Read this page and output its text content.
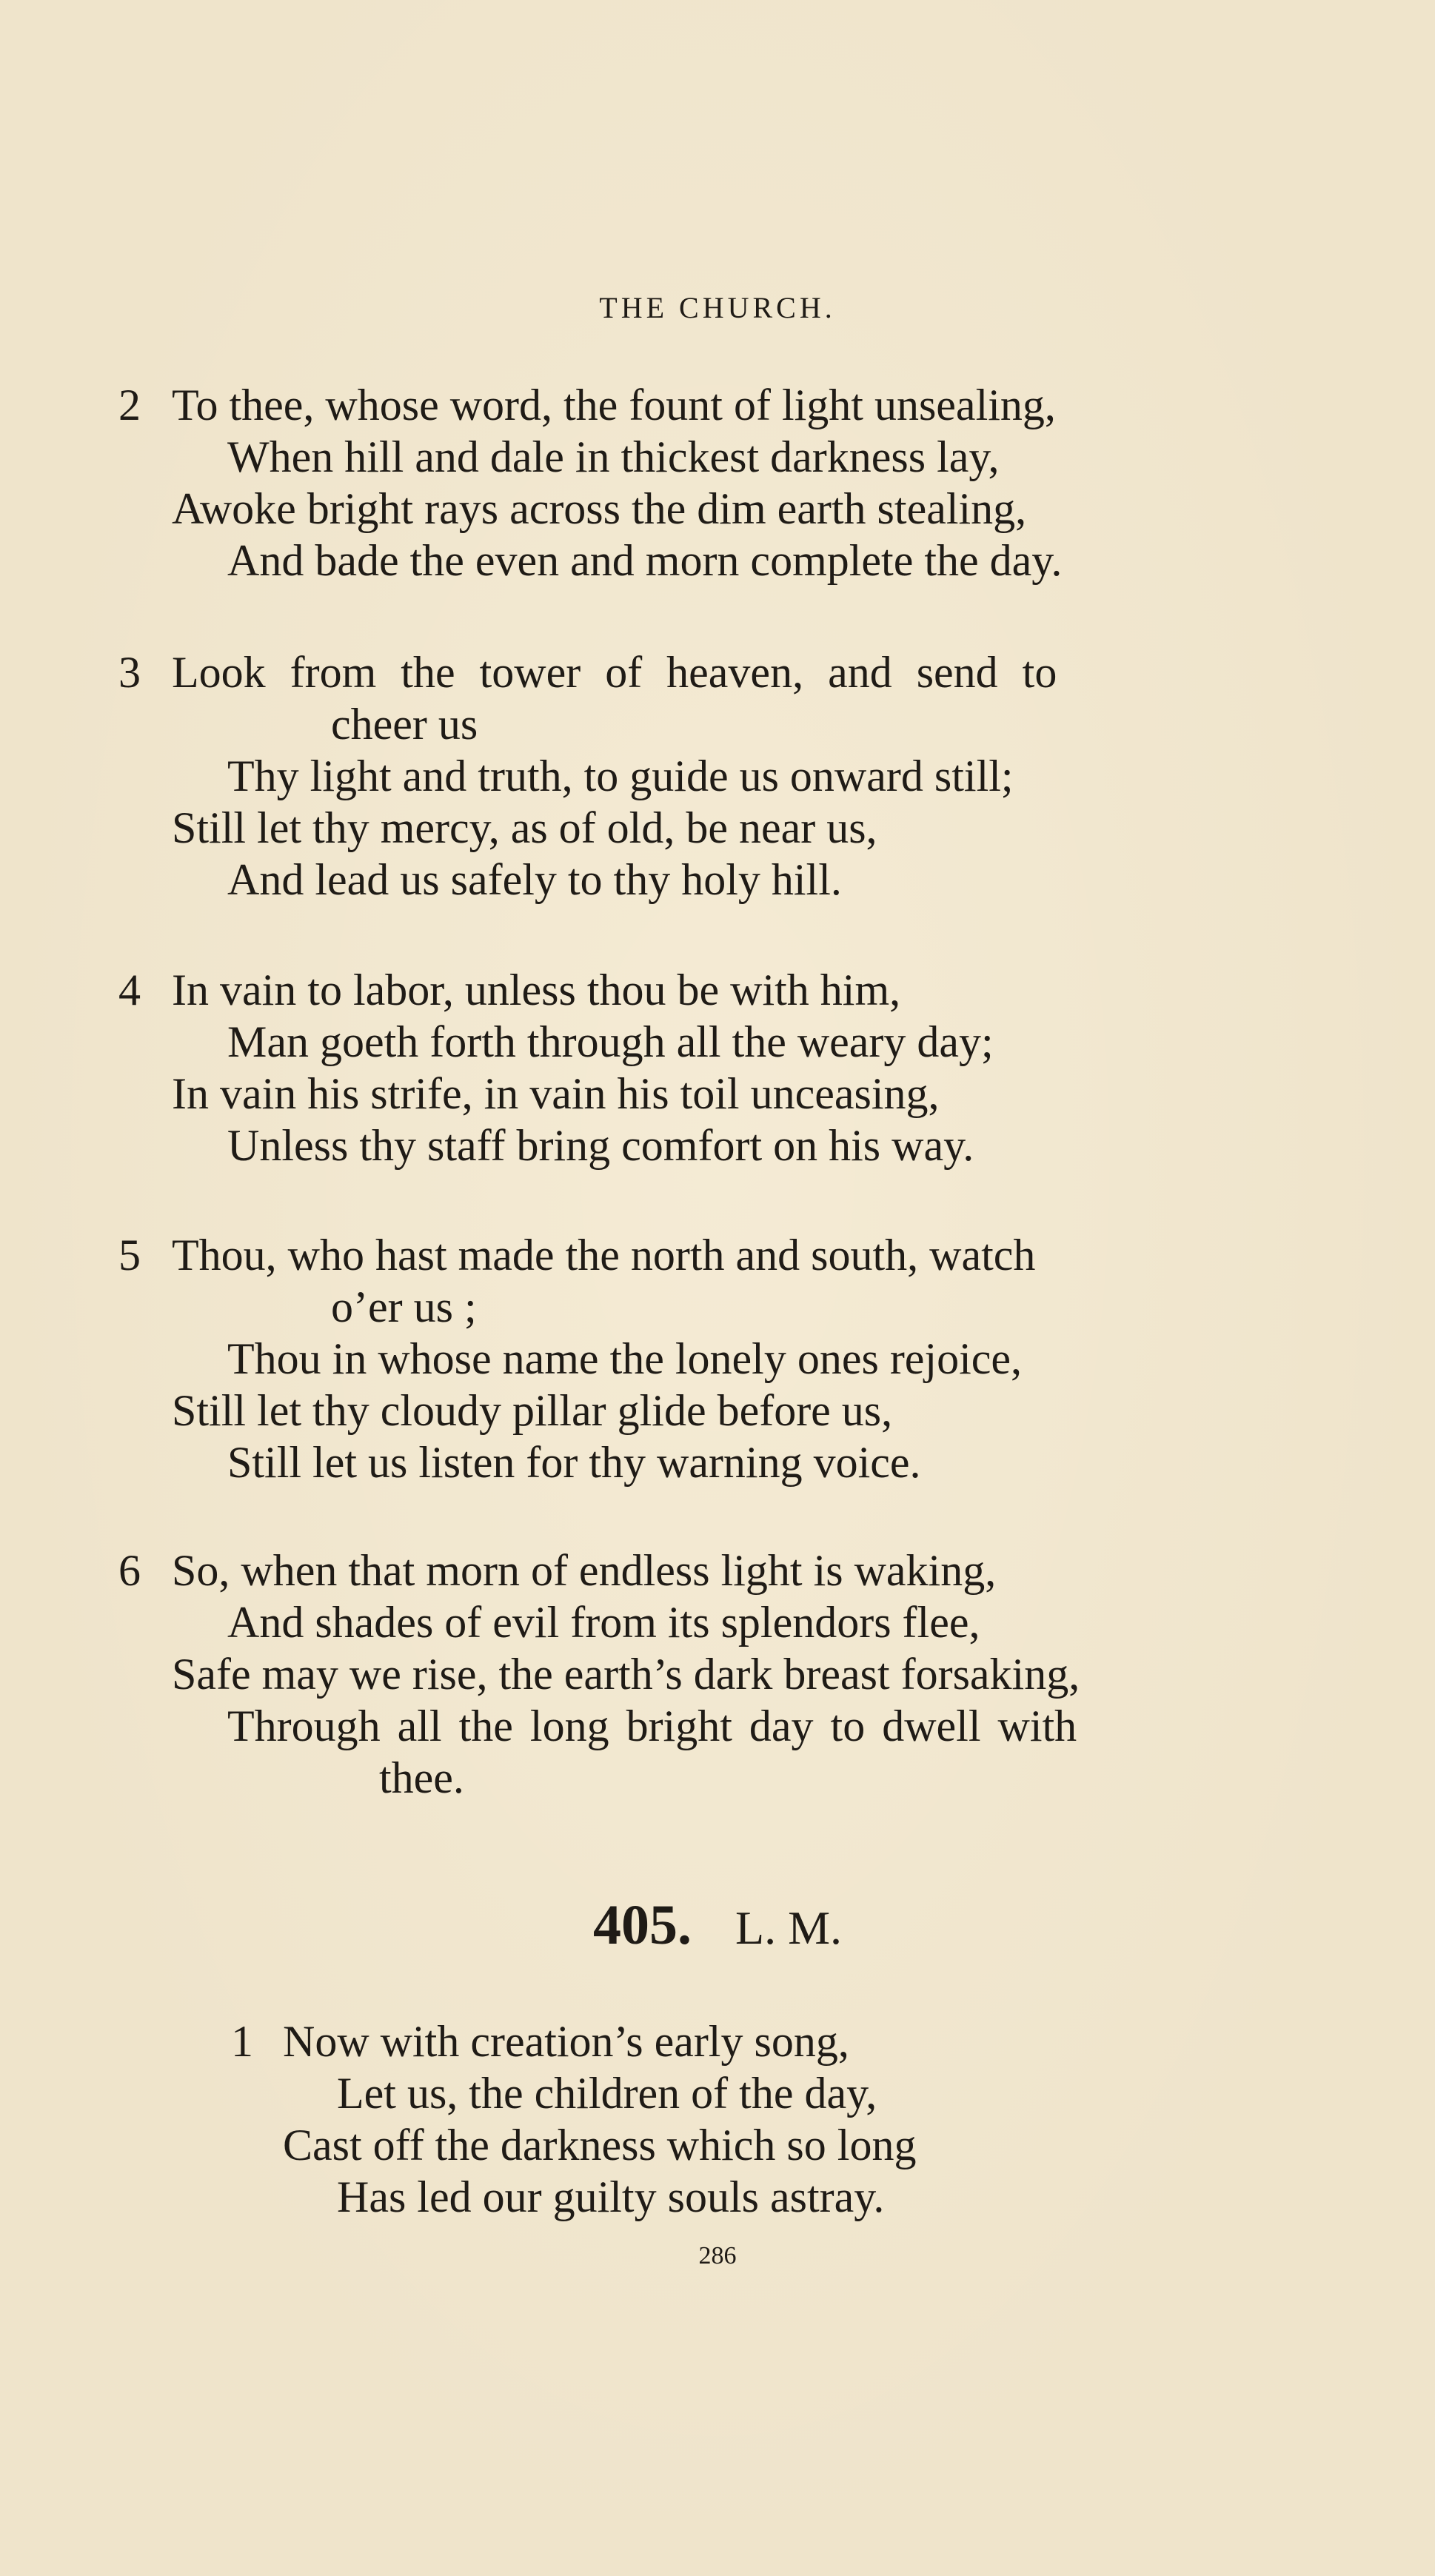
THE CHURCH.
2 To thee, whose word, the fount of light unsealing,
When hill and dale in thickest darkness lay,
Awoke bright rays across the dim earth stealing,
And bade the even and morn complete the day.
3 Look from the tower of heaven, and send to
cheer us
Thy light and truth, to guide us onward still;
Still let thy mercy, as of old, be near us,
And lead us safely to thy holy hill.
4 In vain to labor, unless thou be with him,
Man goeth forth through all the weary day;
In vain his strife, in vain his toil unceasing,
Unless thy staff bring comfort on his way.
5 Thou, who hast made the north and south, watch
o’er us ;
Thou in whose name the lonely ones rejoice,
Still let thy cloudy pillar glide before us,
Still let us listen for thy warning voice.
6 So, when that morn of endless light is waking,
And shades of evil from its splendors flee,
Safe may we rise, the earth’s dark breast forsaking,
Through all the long bright day to dwell with
thee.
405. L. M.
1 Now with creation’s early song,
Let us, the children of the day,
Cast off the darkness which so long
Has led our guilty souls astray.
286
